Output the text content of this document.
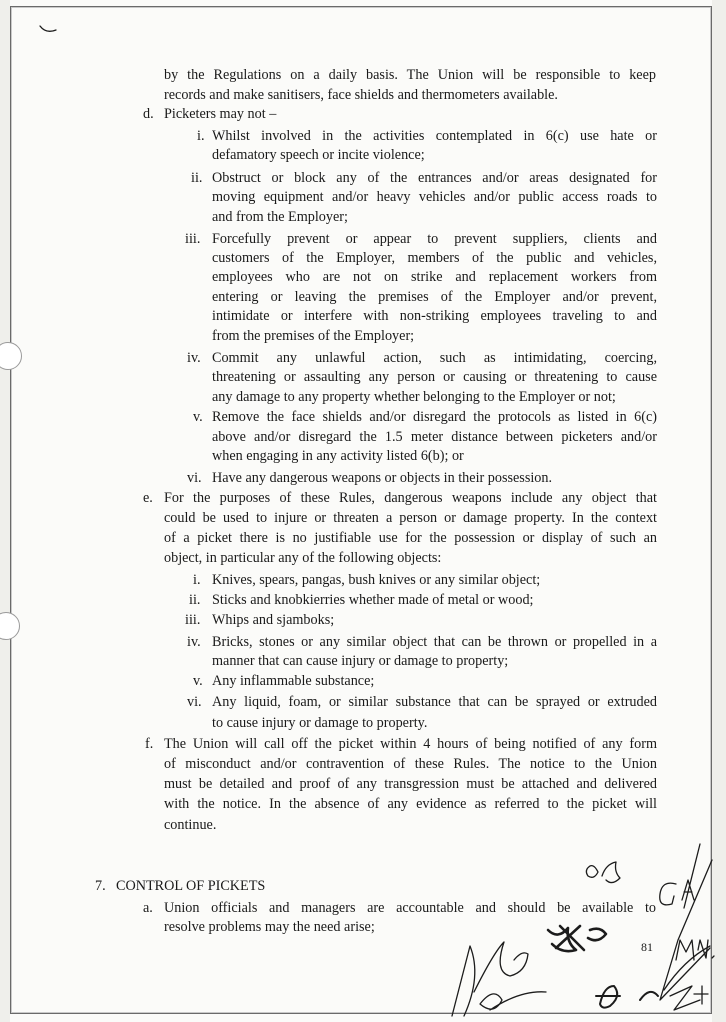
by the Regulations on a daily basis. The Union will be responsible to keep
records and make sanitisers, face shields and thermometers available.
d. Picketers may not –
i. Whilst involved in the activities contemplated in 6(c) use hate or
defamatory speech or incite violence;
ii. Obstruct or block any of the entrances and/or areas designated for
moving equipment and/or heavy vehicles and/or public access roads to
and from the Employer;
iii. Forcefully prevent or appear to prevent suppliers, clients and
customers of the Employer, members of the public and vehicles,
employees who are not on strike and replacement workers from
entering or leaving the premises of the Employer and/or prevent,
intimidate or interfere with non-striking employees traveling to and
from the premises of the Employer;
iv. Commit any unlawful action, such as intimidating, coercing,
threatening or assaulting any person or causing or threatening to cause
any damage to any property whether belonging to the Employer or not;
v. Remove the face shields and/or disregard the protocols as listed in 6(c)
above and/or disregard the 1.5 meter distance between picketers and/or
when engaging in any activity listed 6(b); or
vi. Have any dangerous weapons or objects in their possession.
e. For the purposes of these Rules, dangerous weapons include any object that
could be used to injure or threaten a person or damage property. In the context
of a picket there is no justifiable use for the possession or display of such an
object, in particular any of the following objects:
i. Knives, spears, pangas, bush knives or any similar object;
ii. Sticks and knobkierries whether made of metal or wood;
iii. Whips and sjamboks;
iv. Bricks, stones or any similar object that can be thrown or propelled in a
manner that can cause injury or damage to property;
v. Any inflammable substance;
vi. Any liquid, foam, or similar substance that can be sprayed or extruded
to cause injury or damage to property.
f. The Union will call off the picket within 4 hours of being notified of any form
of misconduct and/or contravention of these Rules. The notice to the Union
must be detailed and proof of any transgression must be attached and delivered
with the notice. In the absence of any evidence as referred to the picket will
continue.
7. CONTROL OF PICKETS
a. Union officials and managers are accountable and should be available to
resolve problems may the need arise;
81
